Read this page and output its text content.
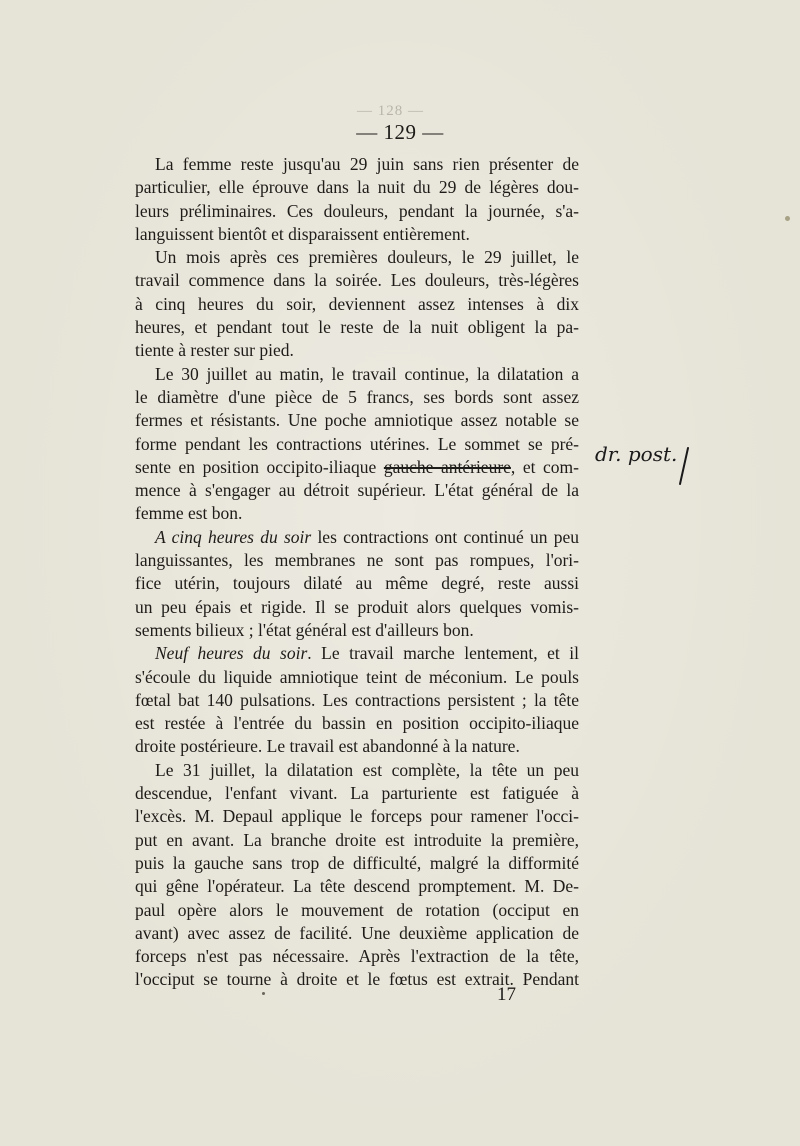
— 128 —
— 129 —
La femme reste jusqu'au 29 juin sans rien présenter de
particulier, elle éprouve dans la nuit du 29 de légères dou-
leurs préliminaires. Ces douleurs, pendant la journée, s'a-
languissent bientôt et disparaissent entièrement.
Un mois après ces premières douleurs, le 29 juillet, le
travail commence dans la soirée. Les douleurs, très-légères
à cinq heures du soir, deviennent assez intenses à dix
heures, et pendant tout le reste de la nuit obligent la pa-
tiente à rester sur pied.
Le 30 juillet au matin, le travail continue, la dilatation a
le diamètre d'une pièce de 5 francs, ses bords sont assez
fermes et résistants. Une poche amniotique assez notable se
forme pendant les contractions utérines. Le sommet se pré-
sente en position occipito-iliaque gauche antérieure, et com-
mence à s'engager au détroit supérieur. L'état général de la
femme est bon.
A cinq heures du soir les contractions ont continué un peu
languissantes, les membranes ne sont pas rompues, l'ori-
fice utérin, toujours dilaté au même degré, reste aussi
un peu épais et rigide. Il se produit alors quelques vomis-
sements bilieux ; l'état général est d'ailleurs bon.
Neuf heures du soir. Le travail marche lentement, et il
s'écoule du liquide amniotique teint de méconium. Le pouls
fœtal bat 140 pulsations. Les contractions persistent ; la tête
est restée à l'entrée du bassin en position occipito-iliaque
droite postérieure. Le travail est abandonné à la nature.
Le 31 juillet, la dilatation est complète, la tête un peu
descendue, l'enfant vivant. La parturiente est fatiguée à
l'excès. M. Depaul applique le forceps pour ramener l'occi-
put en avant. La branche droite est introduite la première,
puis la gauche sans trop de difficulté, malgré la difformité
qui gêne l'opérateur. La tête descend promptement. M. De-
paul opère alors le mouvement de rotation (occiput en
avant) avec assez de facilité. Une deuxième application de
forceps n'est pas nécessaire. Après l'extraction de la tête,
l'occiput se tourne à droite et le fœtus est extrait. Pendant
dr. post.
17
